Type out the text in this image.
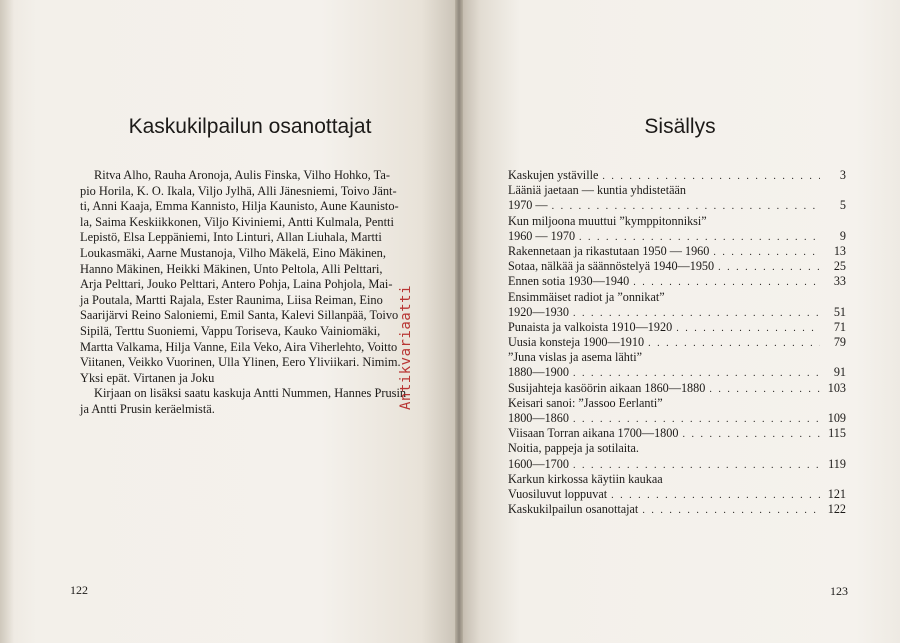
Kaskukilpailun osanottajat

Ritva Alho, Rauha Aronoja, Aulis Finska, Vilho Hohko, Ta-
pio Horila, K. O. Ikala, Viljo Jylhä, Alli Jänesniemi, Toivo Jänt-
ti, Anni Kaaja, Emma Kannisto, Hilja Kaunisto, Aune Kaunisto-
la, Saima Keskiikkonen, Viljo Kiviniemi, Antti Kulmala, Pentti
Lepistö, Elsa Leppäniemi, Into Linturi, Allan Liuhala, Martti
Loukasmäki, Aarne Mustanoja, Vilho Mäkelä, Eino Mäkinen,
Hanno Mäkinen, Heikki Mäkinen, Unto Peltola, Alli Pelttari,
Arja Pelttari, Jouko Pelttari, Antero Pohja, Laina Pohjola, Mai-
ja Poutala, Martti Rajala, Ester Raunima, Liisa Reiman, Eino
Saarijärvi Reino Saloniemi, Emil Santa, Kalevi Sillanpää, Toivo
Sipilä, Terttu Suoniemi, Vappu Toriseva, Kauko Vainiomäki,
Martta Valkama, Hilja Vanne, Eila Veko, Aira Viherlehto, Voitto
Viitanen, Veikko Vuorinen, Ulla Ylinen, Eero Yliviikari. Nimim.
Yksi epät. Virtanen ja Joku

Kirjaan on lisäksi saatu kaskuja Antti Nummen, Hannes Prusin
ja Antti Prusin keräelmistä.

122
Sisällys
Kaskujen ystäville . . .	3
Lääniä jaetaan — kuntia yhdistetään
1970 — . . .	5
Kun miljoona muuttui ”kymppitonniksi”
1960 — 1970 . . .	9
Rakennetaan ja rikastutaan 1950 — 1960 . . .	13
Sotaa, nälkää ja säännöstelyä 1940—1950 . . .	25
Ennen sotia 1930—1940 . . .	33
Ensimmäiset radiot ja ”onnikat”
1920—1930 . . .	51
Punaista ja valkoista 1910—1920 . . .	71
Uusia konsteja 1900—1910 . . .	79
”Juna vislas ja asema lähti”
1880—1900 . . .	91
Susijahteja kasöörin aikaan 1860—1880 . . .	103
Keisari sanoi: ”Jassoo Eerlanti”
1800—1860 . . .	109
Viisaan Torran aikana 1700—1800 . . .	115
Noitia, pappeja ja sotilaita.
1600—1700 . . .	119
Karkun kirkossa käytiin kaukaa
Vuosiluvut loppuvat . . .	121
Kaskukilpailun osanottajat . . .	122
123
Antikvariaatti
